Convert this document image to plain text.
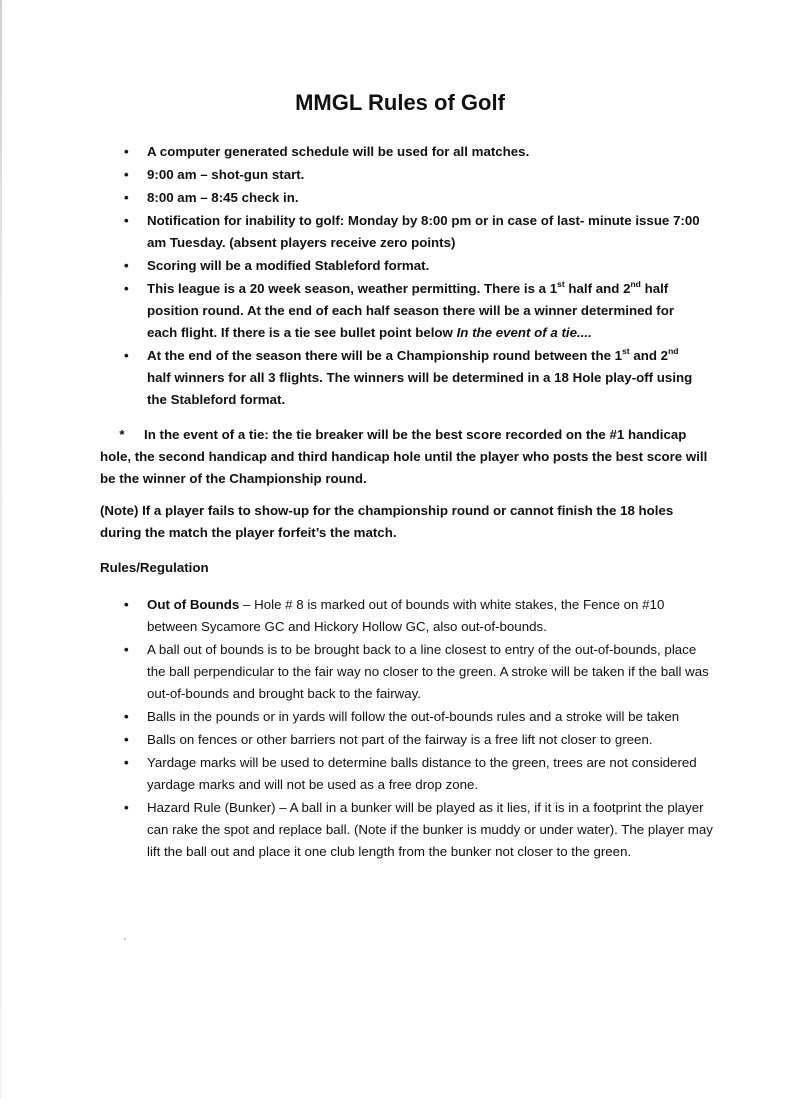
MMGL Rules of Golf
• A computer generated schedule will be used for all matches.
• 9:00 am – shot-gun start.
• 8:00 am – 8:45 check in.
• Notification for inability to golf: Monday by 8:00 pm or in case of last- minute issue 7:00 am Tuesday. (absent players receive zero points)
• Scoring will be a modified Stableford format.
• This league is a 20 week season, weather permitting. There is a 1st half and 2nd half position round. At the end of each half season there will be a winner determined for each flight. If there is a tie see bullet point below In the event of a tie....
• At the end of the season there will be a Championship round between the 1st and 2nd half winners for all 3 flights. The winners will be determined in a 18 Hole play-off using the Stableford format.

* In the event of a tie: the tie breaker will be the best score recorded on the #1 handicap hole, the second handicap and third handicap hole until the player who posts the best score will be the winner of the Championship round.

(Note) If a player fails to show-up for the championship round or cannot finish the 18 holes during the match the player forfeit’s the match.

Rules/Regulation
• Out of Bounds – Hole # 8 is marked out of bounds with white stakes, the Fence on #10 between Sycamore GC and Hickory Hollow GC, also out-of-bounds.
• A ball out of bounds is to be brought back to a line closest to entry of the out-of-bounds, place the ball perpendicular to the fair way no closer to the green. A stroke will be taken if the ball was out-of-bounds and brought back to the fairway.
• Balls in the pounds or in yards will follow the out-of-bounds rules and a stroke will be taken
• Balls on fences or other barriers not part of the fairway is a free lift not closer to green.
• Yardage marks will be used to determine balls distance to the green, trees are not considered yardage marks and will not be used as a free drop zone.
• Hazard Rule (Bunker) – A ball in a bunker will be played as it lies, if it is in a footprint the player can rake the spot and replace ball. (Note if the bunker is muddy or under water). The player may lift the ball out and place it one club length from the bunker not closer to the green.
